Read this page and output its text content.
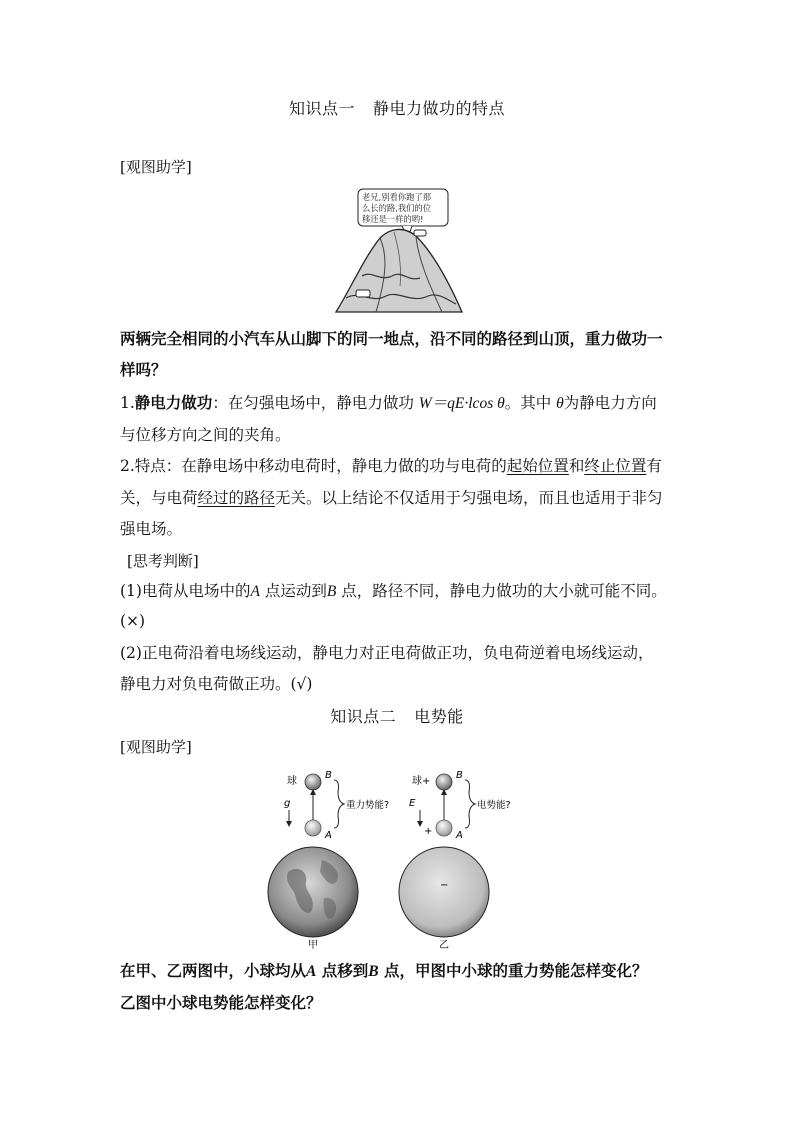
知识点一 静电力做功的特点
[观图助学]
老兄,别看你跑了那
么长的路,我们的位
移还是一样的哟!
两辆完全相同的小汽车从山脚下的同一地点，沿不同的路径到山顶，重力做功一
样吗？
1.静电力做功：在匀强电场中，静电力做功 W＝qE·lcos θ。其中 θ为静电力方向
与位移方向之间的夹角。
2.特点：在静电场中移动电荷时，静电力做的功与电荷的起始位置和终止位置有
关，与电荷经过的路径无关。以上结论不仅适用于匀强电场，而且也适用于非匀
强电场。
[思考判断]
(1)电荷从电场中的A 点运动到B 点，路径不同，静电力做功的大小就可能不同。
(×)
(2)正电荷沿着电场线运动，静电力对正电荷做正功，负电荷逆着电场线运动，
静电力对负电荷做正功。(√)
知识点二 电势能
[观图助学]
球
B
A
g	重力势能?
甲
球+
B
A
+
E	电势能?
−
乙
在甲、乙两图中，小球均从A 点移到B 点，甲图中小球的重力势能怎样变化？
乙图中小球电势能怎样变化？
